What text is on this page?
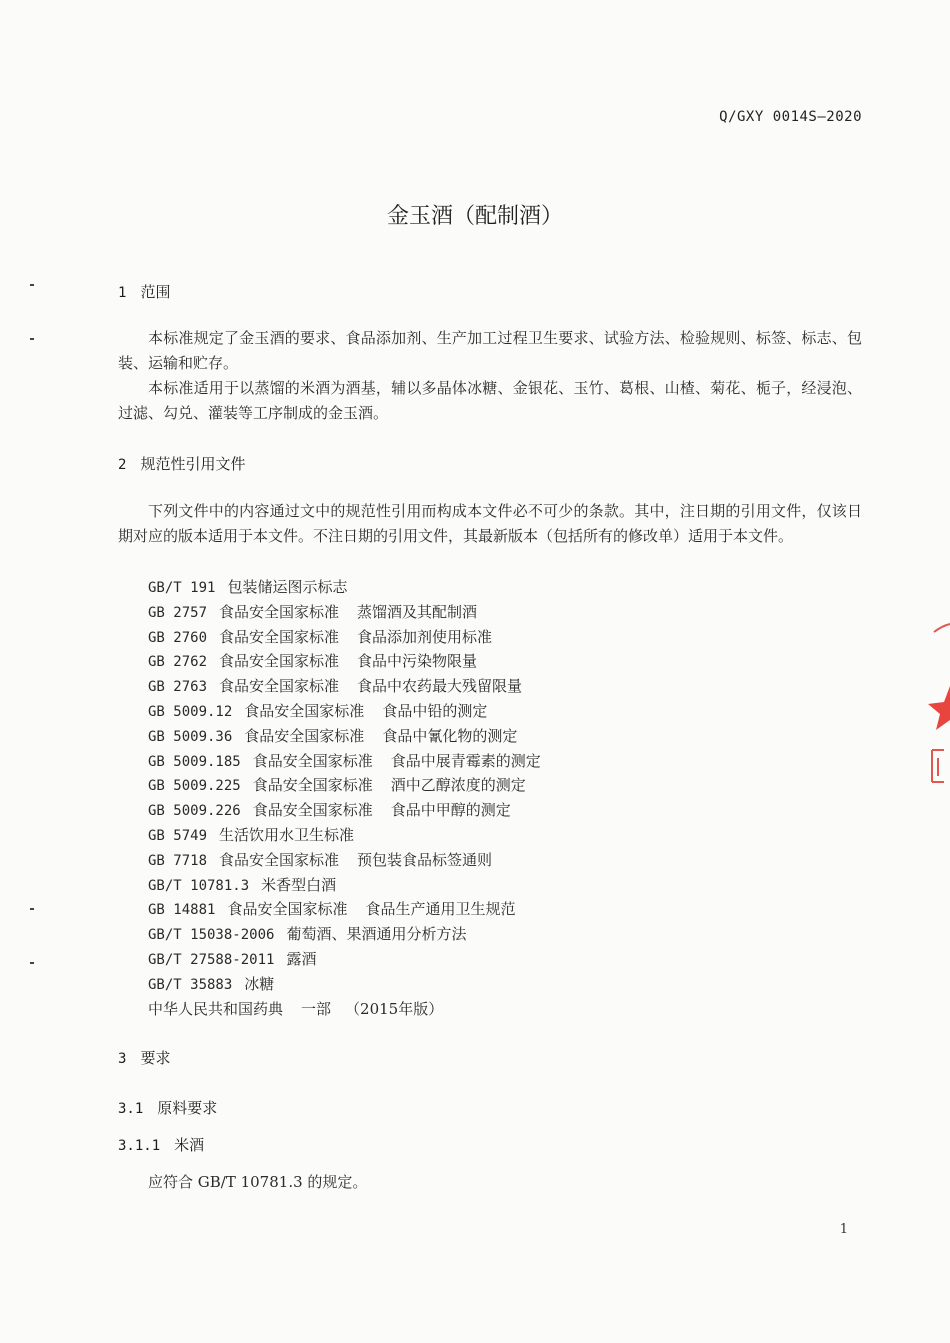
Q/GXY 0014S—2020
金玉酒（配制酒）
1 范围
本标准规定了金玉酒的要求、食品添加剂、生产加工过程卫生要求、试验方法、检验规则、标签、标志、包装、运输和贮存。
本标准适用于以蒸馏的米酒为酒基，辅以多晶体冰糖、金银花、玉竹、葛根、山楂、菊花、栀子，经浸泡、过滤、勾兑、灌装等工序制成的金玉酒。
2 规范性引用文件
下列文件中的内容通过文中的规范性引用而构成本文件必不可少的条款。其中，注日期的引用文件，仅该日期对应的版本适用于本文件。不注日期的引用文件，其最新版本（包括所有的修改单）适用于本文件。
GB/T 191 包装储运图示标志
GB 2757 食品安全国家标准 蒸馏酒及其配制酒
GB 2760 食品安全国家标准 食品添加剂使用标准
GB 2762 食品安全国家标准 食品中污染物限量
GB 2763 食品安全国家标准 食品中农药最大残留限量
GB 5009.12 食品安全国家标准 食品中铅的测定
GB 5009.36 食品安全国家标准 食品中氰化物的测定
GB 5009.185 食品安全国家标准 食品中展青霉素的测定
GB 5009.225 食品安全国家标准 酒中乙醇浓度的测定
GB 5009.226 食品安全国家标准 食品中甲醇的测定
GB 5749 生活饮用水卫生标准
GB 7718 食品安全国家标准 预包装食品标签通则
GB/T 10781.3 米香型白酒
GB 14881 食品安全国家标准 食品生产通用卫生规范
GB/T 15038-2006 葡萄酒、果酒通用分析方法
GB/T 27588-2011 露酒
GB/T 35883 冰糖
中华人民共和国药典 一部 （2015年版）
3 要求
3.1 原料要求
3.1.1 米酒
应符合 GB/T 10781.3 的规定。
1
